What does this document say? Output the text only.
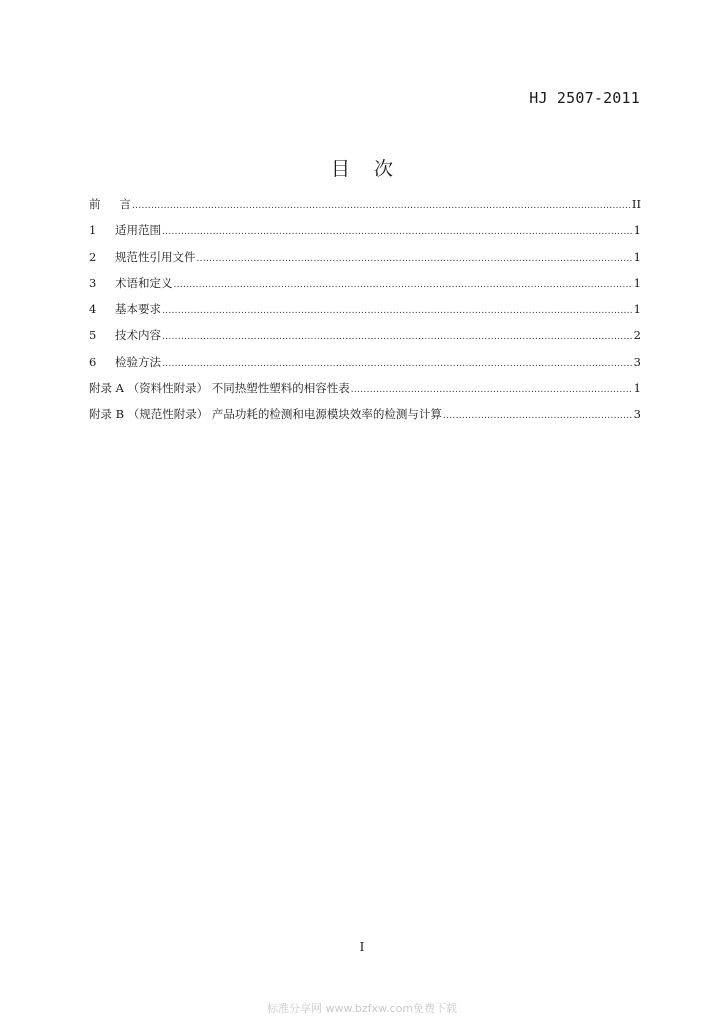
HJ 2507-2011
目次
前 言 .....	II
1	适用范围 .....	1
2	规范性引用文件 .....	1
3	术语和定义 .....	1
4	基本要求 .....	1
5	技术内容 .....	2
6	检验方法 .....	3
附录 A （资料性附录） 不同热塑性塑料的相容性表 .....	1
附录 B （规范性附录） 产品功耗的检测和电源模块效率的检测与计算 .....	3
I
标准分享网 www.bzfxw.com免费下载
